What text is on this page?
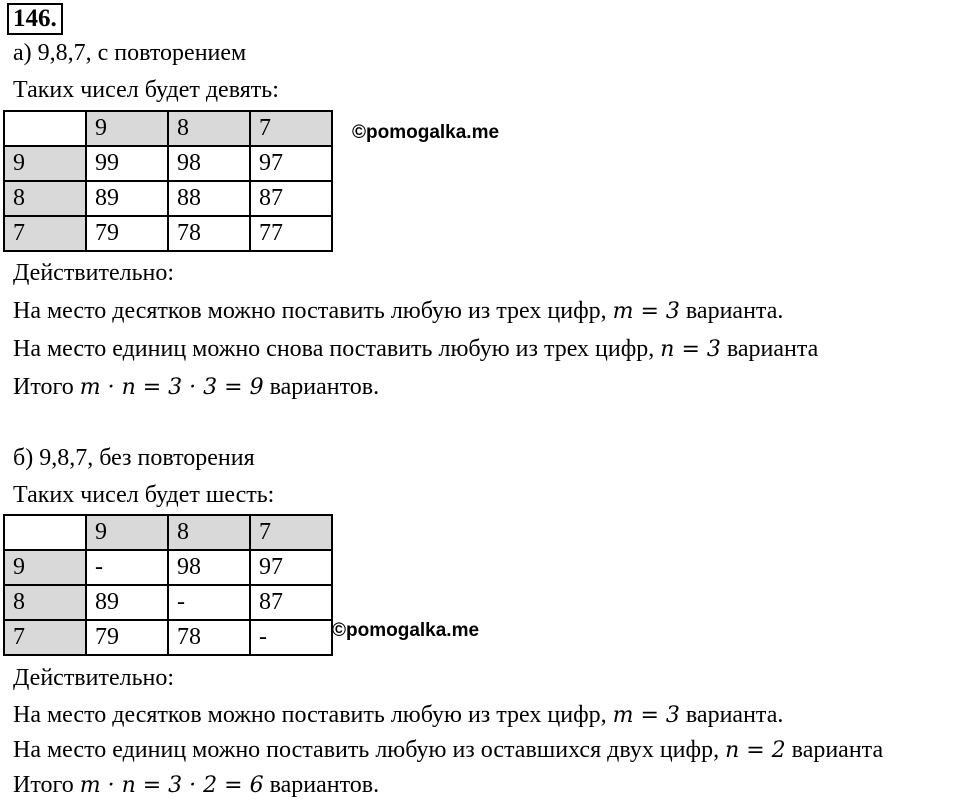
146.
а) 9,8,7, с повторением
Таких чисел будет девять:
	9	8	7
9	99	98	97
8	89	88	87
7	79	78	77
©pomogalka.me
Действительно:
На место десятков можно поставить любую из трех цифр, m = 3 варианта.
На место единиц можно снова поставить любую из трех цифр, n = 3 варианта
Итого m · n = 3 · 3 = 9 вариантов.
б) 9,8,7, без повторения
Таких чисел будет шесть:
	9	8	7
9	-	98	97
8	89	-	87
7	79	78	-	©pomogalka.me
Действительно:
На место десятков можно поставить любую из трех цифр, m = 3 варианта.
На место единиц можно поставить любую из оставшихся двух цифр, n = 2 варианта
Итого m · n = 3 · 2 = 6 вариантов.
